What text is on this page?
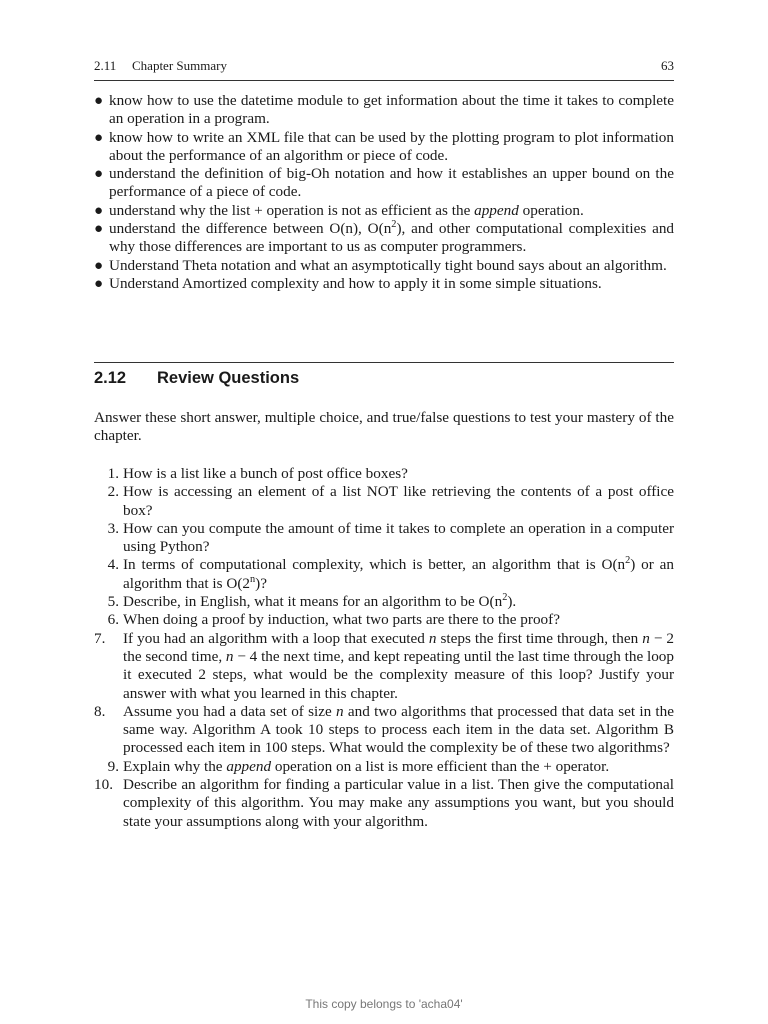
2.11 Chapter Summary	63
● know how to use the datetime module to get information about the time it takes to complete an operation in a program.
● know how to write an XML file that can be used by the plotting program to plot information about the performance of an algorithm or piece of code.
● understand the definition of big-Oh notation and how it establishes an upper bound on the performance of a piece of code.
● understand why the list + operation is not as efficient as the append operation.
● understand the difference between O(n), $O(n^2)$, and other computational complexities and why those differences are important to us as computer programmers.
● Understand Theta notation and what an asymptotically tight bound says about an algorithm.
● Understand Amortized complexity and how to apply it in some simple situations.
2.12 Review Questions

Answer these short answer, multiple choice, and true/false questions to test your mastery of the chapter.

1. How is a list like a bunch of post office boxes?
2. How is accessing an element of a list NOT like retrieving the contents of a post office box?
3. How can you compute the amount of time it takes to complete an operation in a computer using Python?
4. In terms of computational complexity, which is better, an algorithm that is $O(n^2)$ or an algorithm that is O(2$^n$)?
5. Describe, in English, what it means for an algorithm to be $O(n^2)$.
6. When doing a proof by induction, what two parts are there to the proof?
7.	If you had an algorithm with a loop that executed n steps the first time through, then n − 2 the second time, n − 4 the next time, and kept repeating until the last time through the loop it executed 2 steps, what would be the complexity measure of this loop? Justify your answer with what you learned in this chapter.
8.	Assume you had a data set of size n and two algorithms that processed that data set in the same way. Algorithm A took 10 steps to process each item in the data set. Algorithm B processed each item in 100 steps. What would the complexity be of these two algorithms?
9. Explain why the append operation on a list is more efficient than the + operator.
10. Describe an algorithm for finding a particular value in a list. Then give the computational complexity of this algorithm. You may make any assumptions you want, but you should state your assumptions along with your algorithm.
This copy belongs to 'acha04'
